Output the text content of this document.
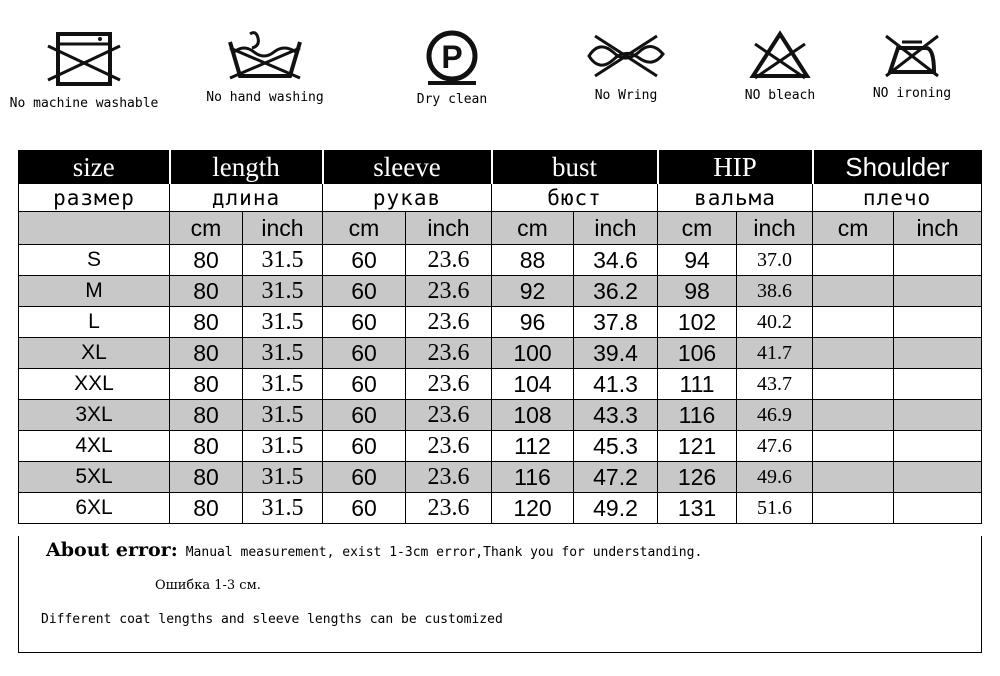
No machine washable	No hand washing
P
Dry clean	No Wring	NO bleach	NO ironing
size	length		sleeve		bust		HIP		Shoulder	
размер	длина		рукав		бюст		вальма		плечо	
	cm	inch	cm	inch	cm	inch	cm	inch	cm	inch
S	80	31.5	60	23.6	88	34.6	94	37.0		
M	80	31.5	60	23.6	92	36.2	98	38.6		
L	80	31.5	60	23.6	96	37.8	102	40.2		
XL	80	31.5	60	23.6	100	39.4	106	41.7		
XXL	80	31.5	60	23.6	104	41.3	111	43.7		
3XL	80	31.5	60	23.6	108	43.3	116	46.9		
4XL	80	31.5	60	23.6	112	45.3	121	47.6		
5XL	80	31.5	60	23.6	116	47.2	126	49.6		
6XL	80	31.5	60	23.6	120	49.2	131	51.6		
About error: Manual measurement, exist 1-3cm error,Thank you for understanding.
Ошибка 1-3 см.
Different coat lengths and sleeve lengths can be customized
